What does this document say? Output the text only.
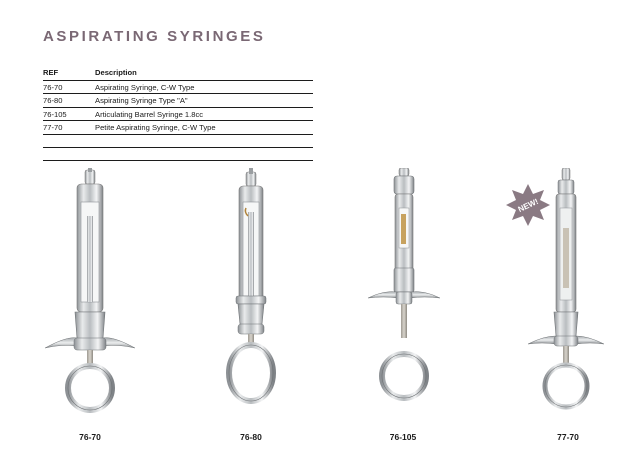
ASPIRATING SYRINGES
REF	Description
76-70	Aspirating Syringe, C-W Type
76-80	Aspirating Syringe Type "A"
76-105	Articulating Barrel Syringe 1.8cc
77-70	Petite Aspirating Syringe, C-W Type
76-70	76-80	76-105
NEW!
77-70
